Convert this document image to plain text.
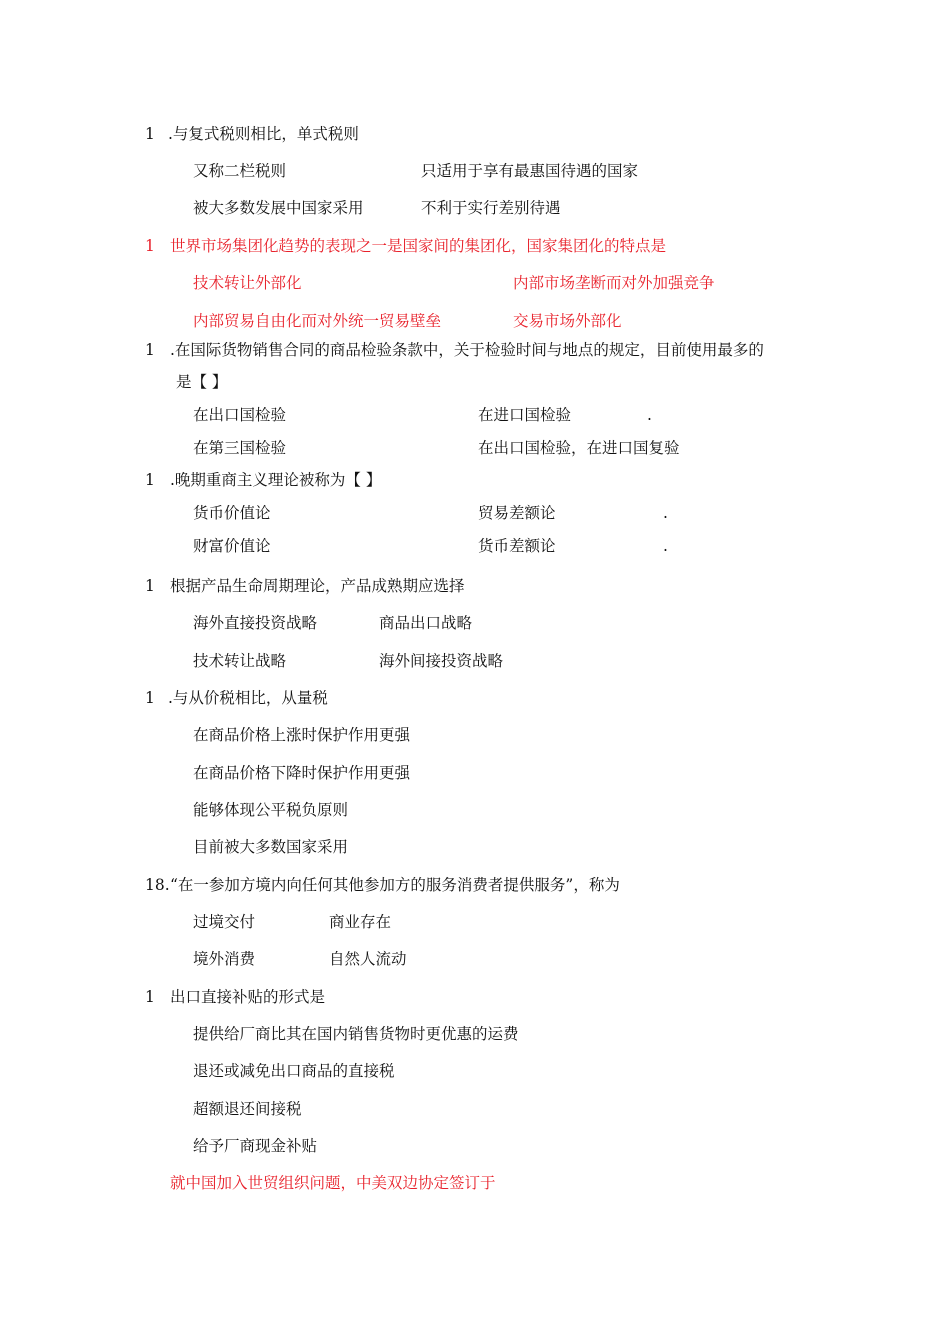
1 .与复式税则相比，单式税则
又称二栏税则	只适用于享有最惠国待遇的国家
被大多数发展中国家采用	不利于实行差别待遇
1 世界市场集团化趋势的表现之一是国家间的集团化，国家集团化的特点是
技术转让外部化	内部市场垄断而对外加强竞争
内部贸易自由化而对外统一贸易壁垒	交易市场外部化
1 .在国际货物销售合同的商品检验条款中，关于检验时间与地点的规定，目前使用最多的
是【 】
在出口国检验	在进口国检验	.
在第三国检验	在出口国检验，在进口国复验
1 .晚期重商主义理论被称为【 】
货币价值论	贸易差额论	.
财富价值论	货币差额论	.
1 根据产品生命周期理论，产品成熟期应选择
海外直接投资战略	商品出口战略
技术转让战略	海外间接投资战略
1 .与从价税相比，从量税
在商品价格上涨时保护作用更强
在商品价格下降时保护作用更强
能够体现公平税负原则
目前被大多数国家采用
18. “在一参加方境内向任何其他参加方的服务消费者提供服务”，称为
过境交付	商业存在
境外消费	自然人流动
1 出口直接补贴的形式是
提供给厂商比其在国内销售货物时更优惠的运费
退还或减免出口商品的直接税
超额退还间接税
给予厂商现金补贴
就中国加入世贸组织问题，中美双边协定签订于
